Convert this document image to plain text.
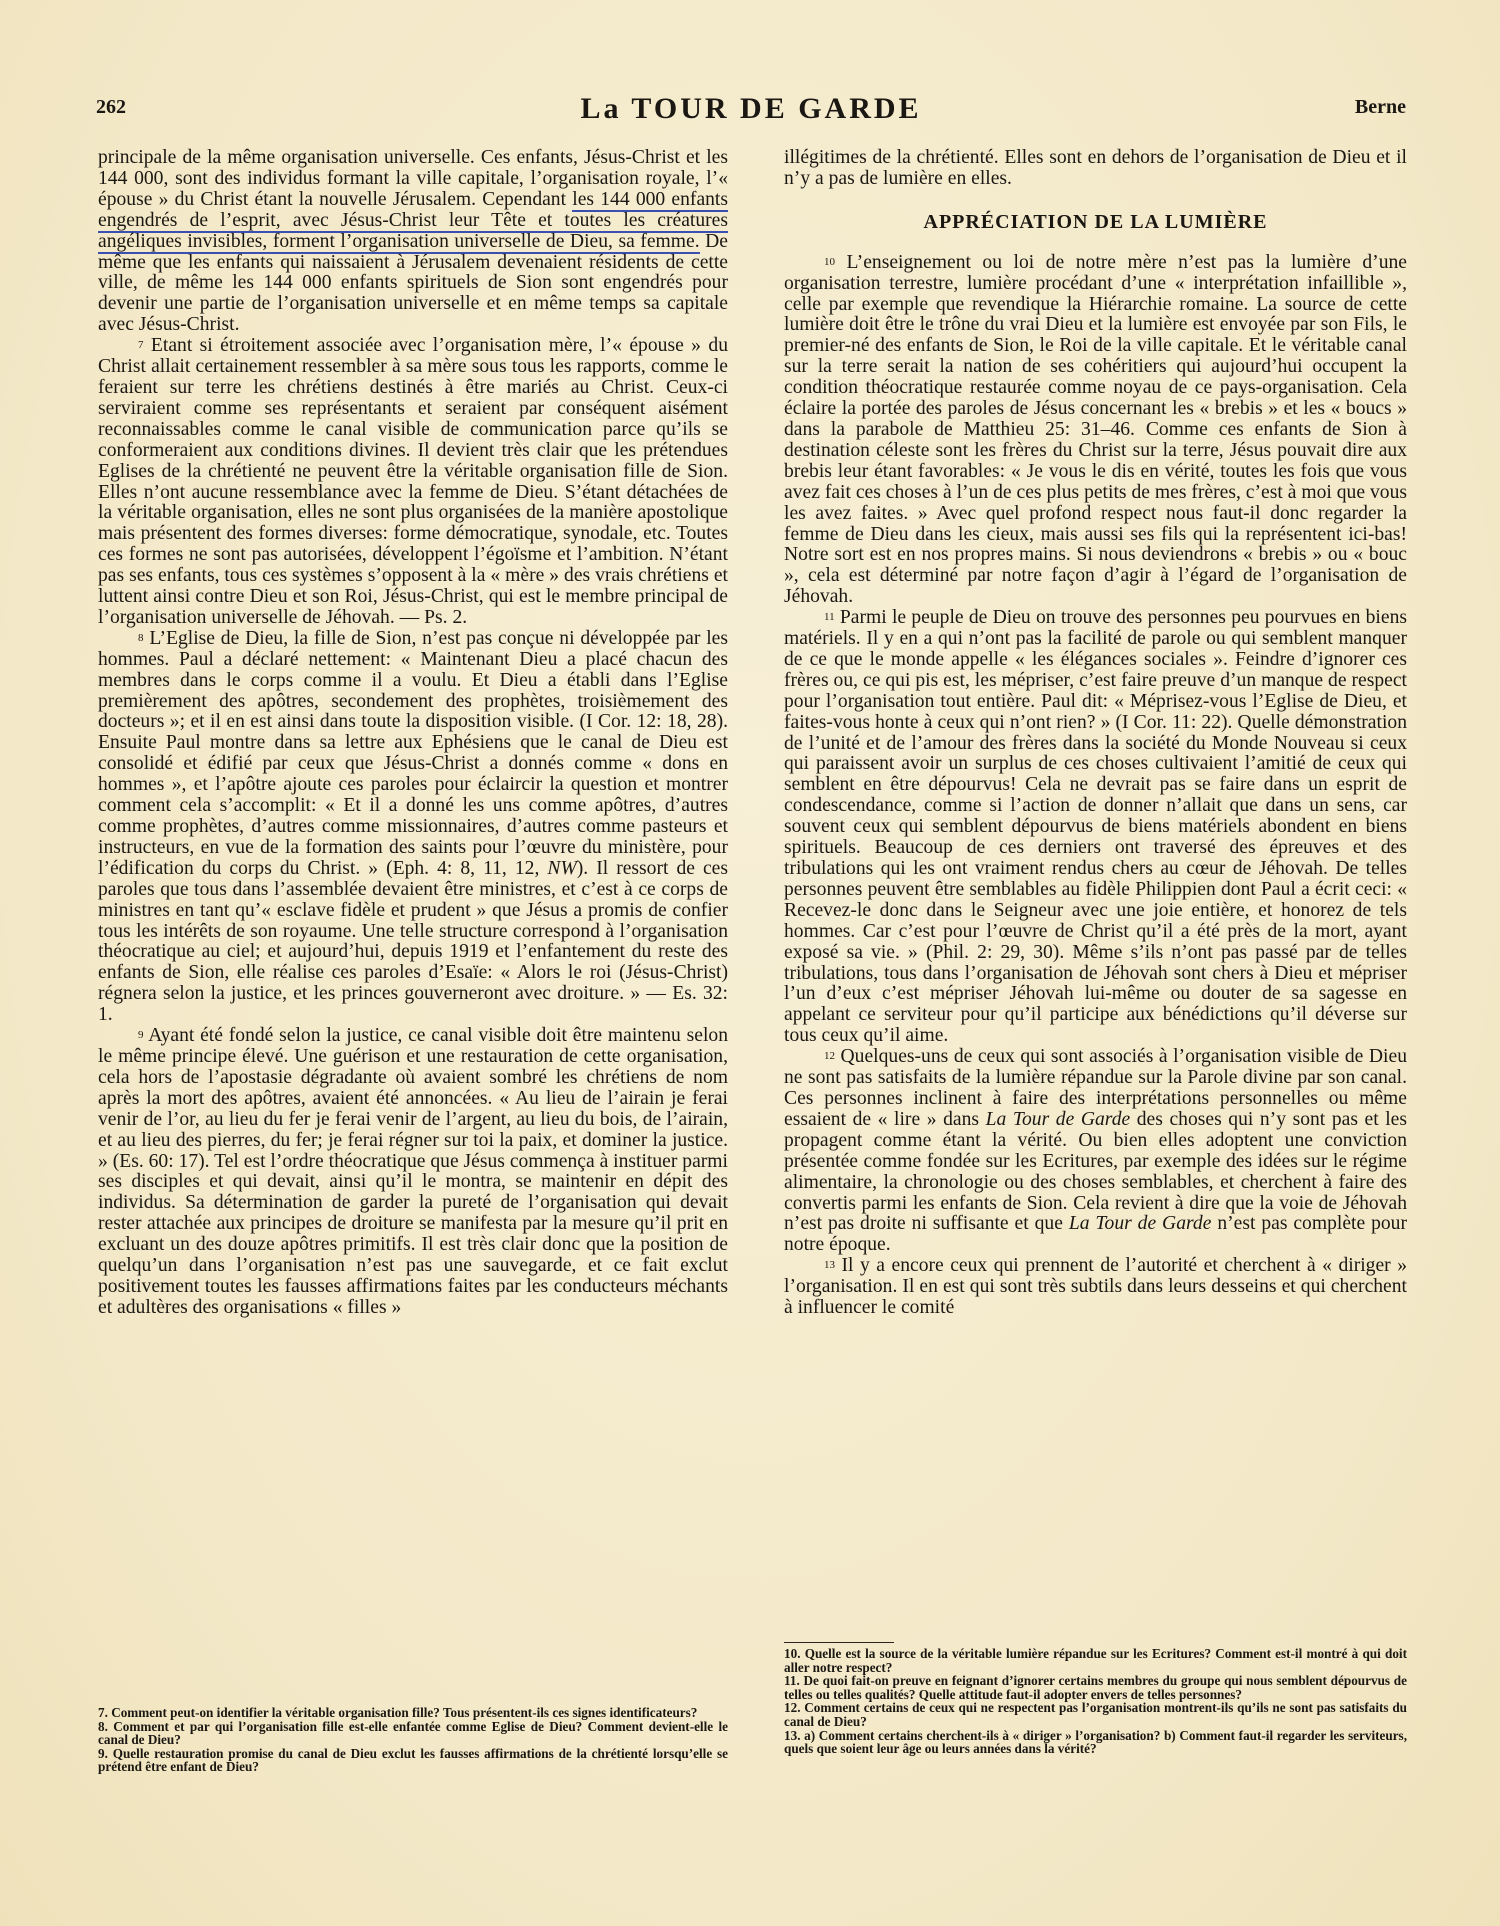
262	La TOUR DE GARDE	Berne

principale de la même organisation universelle. Ces enfants, Jésus-Christ et les 144 000, sont des individus formant la ville capitale, l’organisation royale, l’« épouse » du Christ étant la nouvelle Jérusalem. Cependant les 144 000 enfants engendrés de l’esprit, avec Jésus-Christ leur Tête et toutes les créatures angéliques invisibles, forment l’organisation universelle de Dieu, sa femme. De même que les enfants qui naissaient à Jérusalem devenaient résidents de cette ville, de même les 144 000 enfants spirituels de Sion sont engendrés pour devenir une partie de l’organisation universelle et en même temps sa capitale avec Jésus-Christ.

$^7$ Etant si étroitement associée avec l’organisation mère, l’« épouse » du Christ allait certainement ressembler à sa mère sous tous les rapports, comme le feraient sur terre les chrétiens destinés à être mariés au Christ. Ceux-ci serviraient comme ses représentants et seraient par conséquent aisément reconnaissables comme le canal visible de communication parce qu’ils se conformeraient aux conditions divines. Il devient très clair que les prétendues Eglises de la chrétienté ne peuvent être la véritable organisation fille de Sion. Elles n’ont aucune ressemblance avec la femme de Dieu. S’étant détachées de la véritable organisation, elles ne sont plus organisées de la manière apostolique mais présentent des formes diverses: forme démocratique, synodale, etc. Toutes ces formes ne sont pas autorisées, développent l’égoïsme et l’ambition. N’étant pas ses enfants, tous ces systèmes s’opposent à la « mère » des vrais chrétiens et luttent ainsi contre Dieu et son Roi, Jésus-Christ, qui est le membre principal de l’organisation universelle de Jéhovah. — Ps. 2.

$^8$ L’Eglise de Dieu, la fille de Sion, n’est pas conçue ni développée par les hommes. Paul a déclaré nettement: « Maintenant Dieu a placé chacun des membres dans le corps comme il a voulu. Et Dieu a établi dans l’Eglise premièrement des apôtres, secondement des prophètes, troisièmement des docteurs »; et il en est ainsi dans toute la disposition visible. (I Cor. 12: 18, 28). Ensuite Paul montre dans sa lettre aux Ephésiens que le canal de Dieu est consolidé et édifié par ceux que Jésus-Christ a donnés comme « dons en hommes », et l’apôtre ajoute ces paroles pour éclaircir la question et montrer comment cela s’accomplit: « Et il a donné les uns comme apôtres, d’autres comme prophètes, d’autres comme missionnaires, d’autres comme pasteurs et instructeurs, en vue de la formation des saints pour l’œuvre du ministère, pour l’édification du corps du Christ. » (Eph. 4: 8, 11, 12, NW). Il ressort de ces paroles que tous dans l’assemblée devaient être ministres, et c’est à ce corps de ministres en tant qu’« esclave fidèle et prudent » que Jésus a promis de confier tous les intérêts de son royaume. Une telle structure correspond à l’organisation théocratique au ciel; et aujourd’hui, depuis 1919 et l’enfantement du reste des enfants de Sion, elle réalise ces paroles d’Esaïe: « Alors le roi (Jésus-Christ) régnera selon la justice, et les princes gouverneront avec droiture. » — Es. 32: 1.

$^9$ Ayant été fondé selon la justice, ce canal visible doit être maintenu selon le même principe élevé. Une guérison et une restauration de cette organisation, cela hors de l’apostasie dégradante où avaient sombré les chrétiens de nom après la mort des apôtres, avaient été annoncées. « Au lieu de l’airain je ferai venir de l’or, au lieu du fer je ferai venir de l’argent, au lieu du bois, de l’airain, et au lieu des pierres, du fer; je ferai régner sur toi la paix, et dominer la justice. » (Es. 60: 17). Tel est l’ordre théocratique que Jésus commença à instituer parmi ses disciples et qui devait, ainsi qu’il le montra, se maintenir en dépit des individus. Sa détermination de garder la pureté de l’organisation qui devait rester attachée aux principes de droiture se manifesta par la mesure qu’il prit en excluant un des douze apôtres primitifs. Il est très clair donc que la position de quelqu’un dans l’organisation n’est pas une sauvegarde, et ce fait exclut positivement toutes les fausses affirmations faites par les conducteurs méchants et adultères des organisations « filles »

7. Comment peut-on identifier la véritable organisation fille? Tous présentent-ils ces signes identificateurs?
8. Comment et par qui l’organisation fille est-elle enfantée comme Eglise de Dieu? Comment devient-elle le canal de Dieu?
9. Quelle restauration promise du canal de Dieu exclut les fausses affirmations de la chrétienté lorsqu’elle se prétend être enfant de Dieu?

illégitimes de la chrétienté. Elles sont en dehors de l’organisation de Dieu et il n’y a pas de lumière en elles.

APPRÉCIATION DE LA LUMIÈRE

$^{10}$ L’enseignement ou loi de notre mère n’est pas la lumière d’une organisation terrestre, lumière procédant d’une « interprétation infaillible », celle par exemple que revendique la Hiérarchie romaine. La source de cette lumière doit être le trône du vrai Dieu et la lumière est envoyée par son Fils, le premier-né des enfants de Sion, le Roi de la ville capitale. Et le véritable canal sur la terre serait la nation de ses cohéritiers qui aujourd’hui occupent la condition théocratique restaurée comme noyau de ce pays-organisation. Cela éclaire la portée des paroles de Jésus concernant les « brebis » et les « boucs » dans la parabole de Matthieu 25: 31–46. Comme ces enfants de Sion à destination céleste sont les frères du Christ sur la terre, Jésus pouvait dire aux brebis leur étant favorables: « Je vous le dis en vérité, toutes les fois que vous avez fait ces choses à l’un de ces plus petits de mes frères, c’est à moi que vous les avez faites. » Avec quel profond respect nous faut-il donc regarder la femme de Dieu dans les cieux, mais aussi ses fils qui la représentent ici-bas! Notre sort est en nos propres mains. Si nous deviendrons « brebis » ou « bouc », cela est déterminé par notre façon d’agir à l’égard de l’organisation de Jéhovah.

$^{11}$ Parmi le peuple de Dieu on trouve des personnes peu pourvues en biens matériels. Il y en a qui n’ont pas la facilité de parole ou qui semblent manquer de ce que le monde appelle « les élégances sociales ». Feindre d’ignorer ces frères ou, ce qui pis est, les mépriser, c’est faire preuve d’un manque de respect pour l’organisation tout entière. Paul dit: « Méprisez-vous l’Eglise de Dieu, et faites-vous honte à ceux qui n’ont rien? » (I Cor. 11: 22). Quelle démonstration de l’unité et de l’amour des frères dans la société du Monde Nouveau si ceux qui paraissent avoir un surplus de ces choses cultivaient l’amitié de ceux qui semblent en être dépourvus! Cela ne devrait pas se faire dans un esprit de condescendance, comme si l’action de donner n’allait que dans un sens, car souvent ceux qui semblent dépourvus de biens matériels abondent en biens spirituels. Beaucoup de ces derniers ont traversé des épreuves et des tribulations qui les ont vraiment rendus chers au cœur de Jéhovah. De telles personnes peuvent être semblables au fidèle Philippien dont Paul a écrit ceci: « Recevez-le donc dans le Seigneur avec une joie entière, et honorez de tels hommes. Car c’est pour l’œuvre de Christ qu’il a été près de la mort, ayant exposé sa vie. » (Phil. 2: 29, 30). Même s’ils n’ont pas passé par de telles tribulations, tous dans l’organisation de Jéhovah sont chers à Dieu et mépriser l’un d’eux c’est mépriser Jéhovah lui-même ou douter de sa sagesse en appelant ce serviteur pour qu’il participe aux bénédictions qu’il déverse sur tous ceux qu’il aime.

$^{12}$ Quelques-uns de ceux qui sont associés à l’organisation visible de Dieu ne sont pas satisfaits de la lumière répandue sur la Parole divine par son canal. Ces personnes inclinent à faire des interprétations personnelles ou même essaient de « lire » dans La Tour de Garde des choses qui n’y sont pas et les propagent comme étant la vérité. Ou bien elles adoptent une conviction présentée comme fondée sur les Ecritures, par exemple des idées sur le régime alimentaire, la chronologie ou des choses semblables, et cherchent à faire des convertis parmi les enfants de Sion. Cela revient à dire que la voie de Jéhovah n’est pas droite ni suffisante et que La Tour de Garde n’est pas complète pour notre époque.

$^{13}$ Il y a encore ceux qui prennent de l’autorité et cherchent à « diriger » l’organisation. Il en est qui sont très subtils dans leurs desseins et qui cherchent à influencer le comité

10. Quelle est la source de la véritable lumière répandue sur les Ecritures? Comment est-il montré à qui doit aller notre respect?
11. De quoi fait-on preuve en feignant d’ignorer certains membres du groupe qui nous semblent dépourvus de telles ou telles qualités? Quelle attitude faut-il adopter envers de telles personnes?
12. Comment certains de ceux qui ne respectent pas l’organisation montrent-ils qu’ils ne sont pas satisfaits du canal de Dieu?
13. a) Comment certains cherchent-ils à « diriger » l’organisation? b) Comment faut-il regarder les serviteurs, quels que soient leur âge ou leurs années dans la vérité?
